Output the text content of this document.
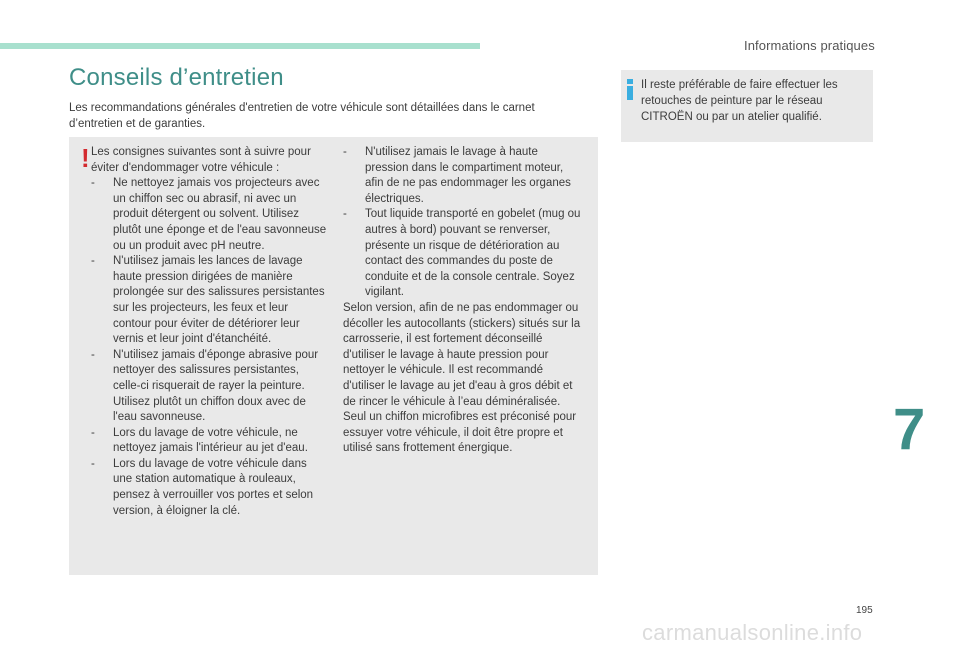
Informations pratiques
Conseils d’entretien

Les recommandations générales d'entretien de votre véhicule sont détaillées dans le carnet d’entretien et de garanties.

! Les consignes suivantes sont à suivre pour éviter d'endommager votre véhicule :

- Ne nettoyez jamais vos projecteurs avec un chiffon sec ou abrasif, ni avec un produit détergent ou solvent. Utilisez plutôt une éponge et de l'eau savonneuse ou un produit avec pH neutre.

- N'utilisez jamais les lances de lavage haute pression dirigées de manière prolongée sur des salissures persistantes sur les projecteurs, les feux et leur contour pour éviter de détériorer leur vernis et leur joint d'étanchéité.

- N'utilisez jamais d'éponge abrasive pour nettoyer des salissures persistantes, celle-ci risquerait de rayer la peinture. Utilisez plutôt un chiffon doux avec de l'eau savonneuse.

- Lors du lavage de votre véhicule, ne nettoyez jamais l'intérieur au jet d'eau.

- Lors du lavage de votre véhicule dans une station automatique à rouleaux, pensez à verrouiller vos portes et selon version, à éloigner la clé.

- N'utilisez jamais le lavage à haute pression dans le compartiment moteur, afin de ne pas endommager les organes électriques.

- Tout liquide transporté en gobelet (mug ou autres à bord) pouvant se renverser, présente un risque de détérioration au contact des commandes du poste de conduite et de la console centrale. Soyez vigilant.

Selon version, afin de ne pas endommager ou décoller les autocollants (stickers) situés sur la carrosserie, il est fortement déconseillé d'utiliser le lavage à haute pression pour nettoyer le véhicule. Il est recommandé d'utiliser le lavage au jet d'eau à gros débit et de rincer le véhicule à l’eau déminéralisée.

Seul un chiffon microfibres est préconisé pour essuyer votre véhicule, il doit être propre et utilisé sans frottement énergique.

Il reste préférable de faire effectuer les retouches de peinture par le réseau CITROËN ou par un atelier qualifié.

7
195
carmanualsonline.info
